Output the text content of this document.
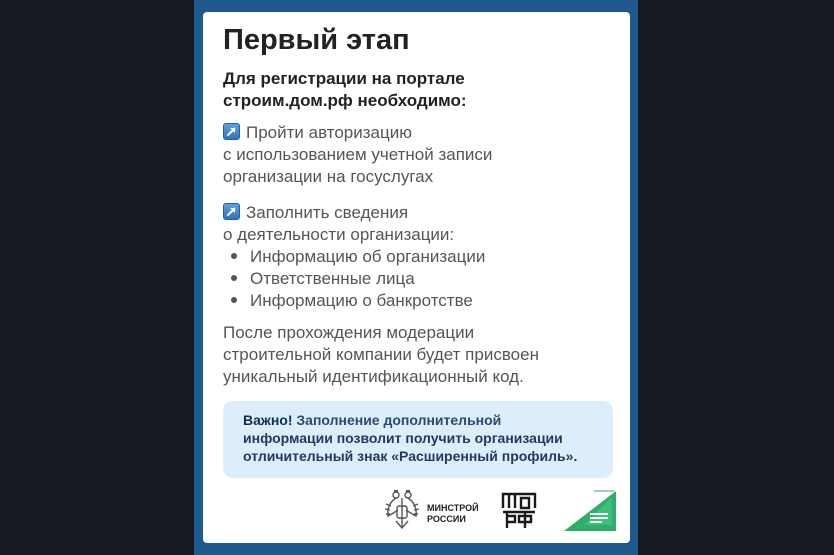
Первый этап

Для регистрации на портале
строим.дом.рф необходимо:

Пройти авторизацию
с использованием учетной записи
организации на госуслугах

Заполнить сведения
о деятельности организации:

Информацию об организации
Ответственные лица
Информацию о банкротстве

После прохождения модерации
строительной компании будет присвоен
уникальный идентификационный код.

Важно! Заполнение дополнительной
информации позволит получить организации
отличительный знак «Расширенный профиль».
МИНСТРОЙ
РОССИИ
